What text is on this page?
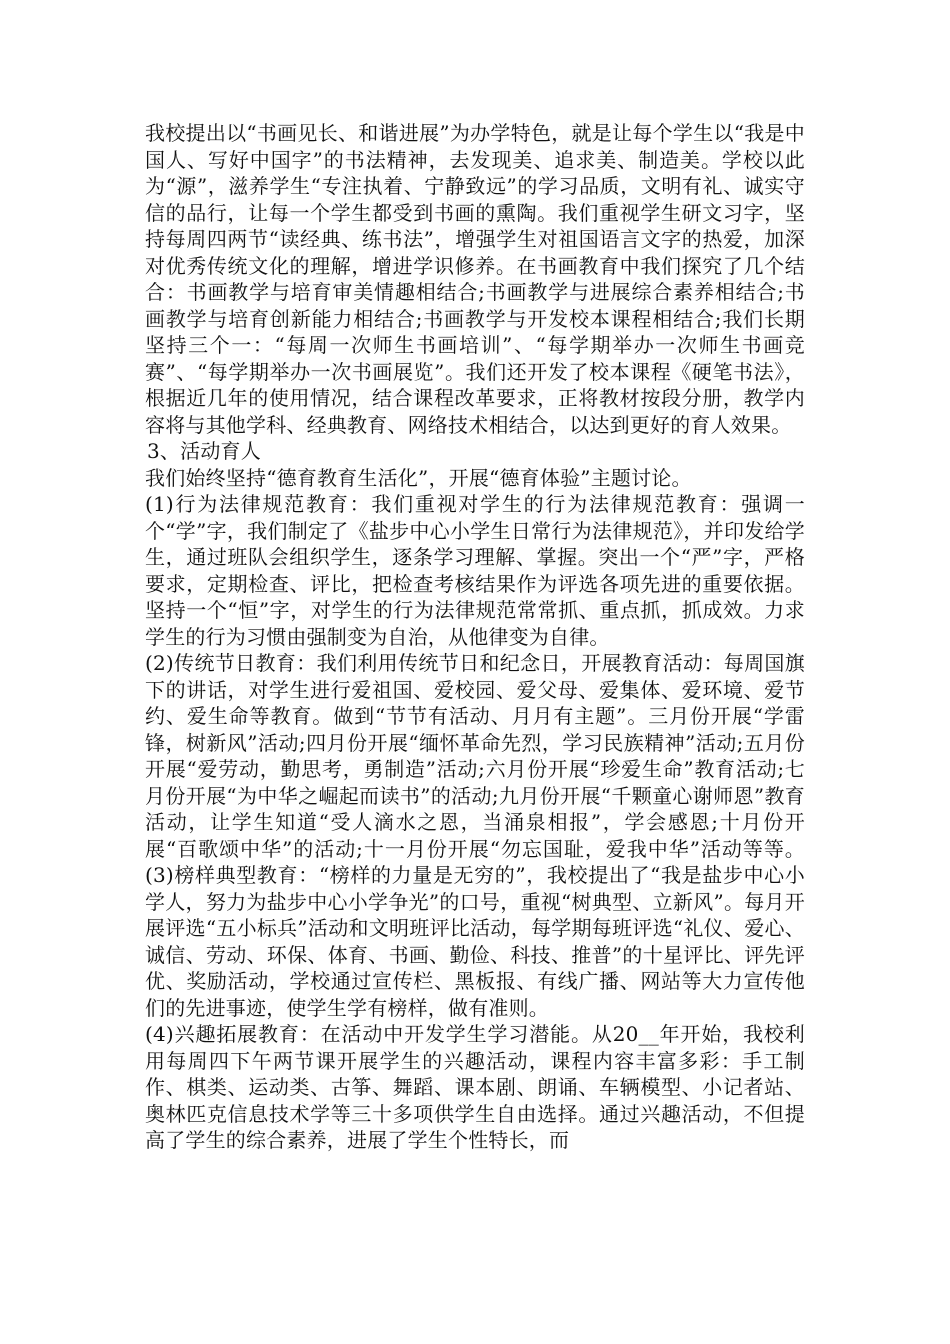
我校提出以“书画见长、和谐进展”为办学特色，就是让每个学生以“我是中国人、写好中国字”的书法精神，去发现美、追求美、制造美。学校以此为“源”，滋养学生“专注执着、宁静致远”的学习品质，文明有礼、诚实守信的品行，让每一个学生都受到书画的熏陶。我们重视学生研文习字，坚持每周四两节“读经典、练书法”，增强学生对祖国语言文字的热爱，加深对优秀传统文化的理解，增进学识修养。在书画教育中我们探究了几个结合：书画教学与培育审美情趣相结合;书画教学与进展综合素养相结合;书画教学与培育创新能力相结合;书画教学与开发校本课程相结合;我们长期坚持三个一：“每周一次师生书画培训”、“每学期举办一次师生书画竞赛”、“每学期举办一次书画展览”。我们还开发了校本课程《硬笔书法》，根据近几年的使用情况，结合课程改革要求，正将教材按段分册，教学内容将与其他学科、经典教育、网络技术相结合，以达到更好的育人效果。

3、活动育人

我们始终坚持“德育教育生活化”，开展“德育体验”主题讨论。

(1)行为法律规范教育：我们重视对学生的行为法律规范教育：强调一个“学”字，我们制定了《盐步中心小学生日常行为法律规范》，并印发给学生，通过班队会组织学生，逐条学习理解、掌握。突出一个“严”字，严格要求，定期检查、评比，把检查考核结果作为评选各项先进的重要依据。坚持一个“恒”字，对学生的行为法律规范常常抓、重点抓，抓成效。力求学生的行为习惯由强制变为自治，从他律变为自律。

(2)传统节日教育：我们利用传统节日和纪念日，开展教育活动：每周国旗下的讲话，对学生进行爱祖国、爱校园、爱父母、爱集体、爱环境、爱节约、爱生命等教育。做到“节节有活动、月月有主题”。三月份开展“学雷锋，树新风”活动;四月份开展“缅怀革命先烈，学习民族精神”活动;五月份开展“爱劳动，勤思考，勇制造”活动;六月份开展“珍爱生命”教育活动;七月份开展“为中华之崛起而读书”的活动;九月份开展“千颗童心谢师恩”教育活动，让学生知道“受人滴水之恩，当涌泉相报”，学会感恩;十月份开展“百歌颂中华”的活动;十一月份开展“勿忘国耻，爱我中华”活动等等。 (3)榜样典型教育：“榜样的力量是无穷的”，我校提出了“我是盐步中心小学人，努力为盐步中心小学争光”的口号，重视“树典型、立新风”。每月开展评选“五小标兵”活动和文明班评比活动，每学期每班评选“礼仪、爱心、诚信、劳动、环保、体育、书画、勤俭、科技、推普”的十星评比、评先评优、奖励活动，学校通过宣传栏、黑板报、有线广播、网站等大力宣传他们的先进事迹，使学生学有榜样，做有准则。

(4)兴趣拓展教育：在活动中开发学生学习潜能。从20__年开始，我校利用每周四下午两节课开展学生的兴趣活动，课程内容丰富多彩：手工制作、棋类、运动类、古筝、舞蹈、课本剧、朗诵、车辆模型、小记者站、奥林匹克信息技术学等三十多项供学生自由选择。通过兴趣活动，不但提高了学生的综合素养，进展了学生个性特长，而
